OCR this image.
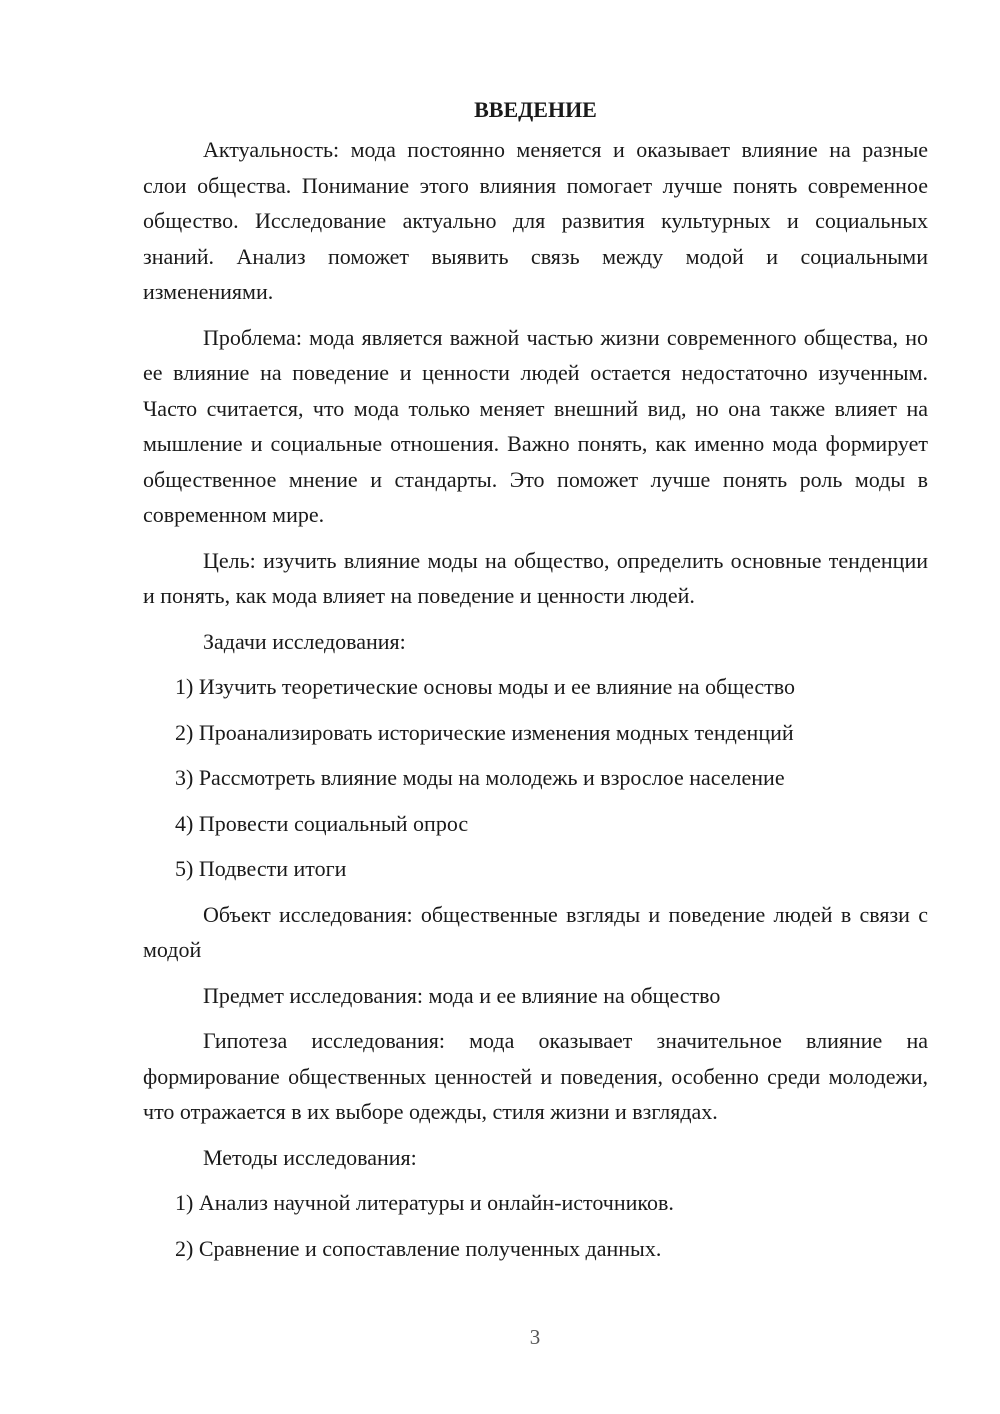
ВВЕДЕНИЕ

Актуальность: мода постоянно меняется и оказывает влияние на разные слои общества. Понимание этого влияния помогает лучше понять современное общество. Исследование актуально для развития культурных и социальных знаний. Анализ поможет выявить связь между модой и социальными изменениями.

Проблема: мода является важной частью жизни современного общества, но ее влияние на поведение и ценности людей остается недостаточно изученным. Часто считается, что мода только меняет внешний вид, но она также влияет на мышление и социальные отношения. Важно понять, как именно мода формирует общественное мнение и стандарты. Это поможет лучше понять роль моды в современном мире.

Цель: изучить влияние моды на общество, определить основные тенденции и понять, как мода влияет на поведение и ценности людей.

Задачи исследования:

1) Изучить теоретические основы моды и ее влияние на общество
2) Проанализировать исторические изменения модных тенденций
3) Рассмотреть влияние моды на молодежь и взрослое население
4) Провести социальный опрос
5) Подвести итоги

Объект исследования: общественные взгляды и поведение людей в связи с модой

Предмет исследования: мода и ее влияние на общество

Гипотеза исследования: мода оказывает значительное влияние на формирование общественных ценностей и поведения, особенно среди молодежи, что отражается в их выборе одежды, стиля жизни и взглядах.

Методы исследования:

1) Анализ научной литературы и онлайн-источников.
2) Сравнение и сопоставление полученных данных.
3
